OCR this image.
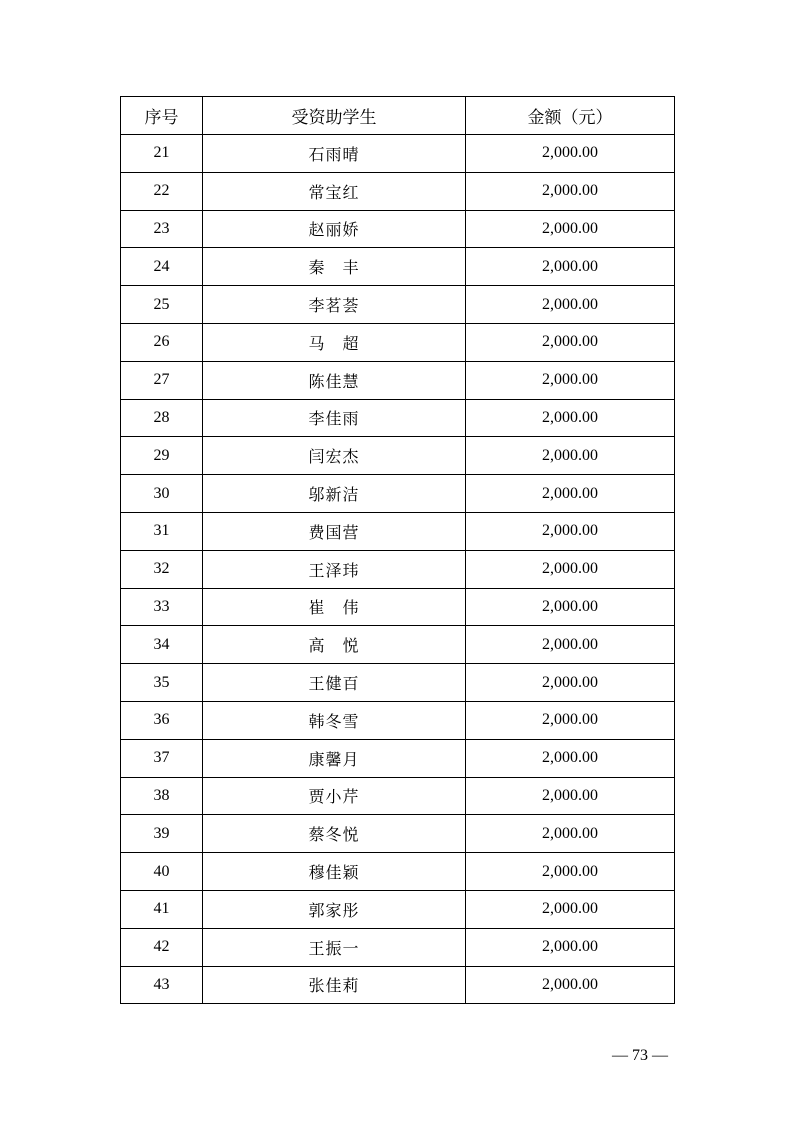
序号	受资助学生	金额（元）
21	石雨晴	2,000.00
22	常宝红	2,000.00
23	赵丽娇	2,000.00
24	秦　丰	2,000.00
25	李茗荟	2,000.00
26	马　超	2,000.00
27	陈佳慧	2,000.00
28	李佳雨	2,000.00
29	闫宏杰	2,000.00
30	邬新洁	2,000.00
31	费国营	2,000.00
32	王泽玮	2,000.00
33	崔　伟	2,000.00
34	高　悦	2,000.00
35	王健百	2,000.00
36	韩冬雪	2,000.00
37	康馨月	2,000.00
38	贾小芹	2,000.00
39	蔡冬悦	2,000.00
40	穆佳颖	2,000.00
41	郭家彤	2,000.00
42	王振一	2,000.00
43	张佳莉	2,000.00
— 73 —
